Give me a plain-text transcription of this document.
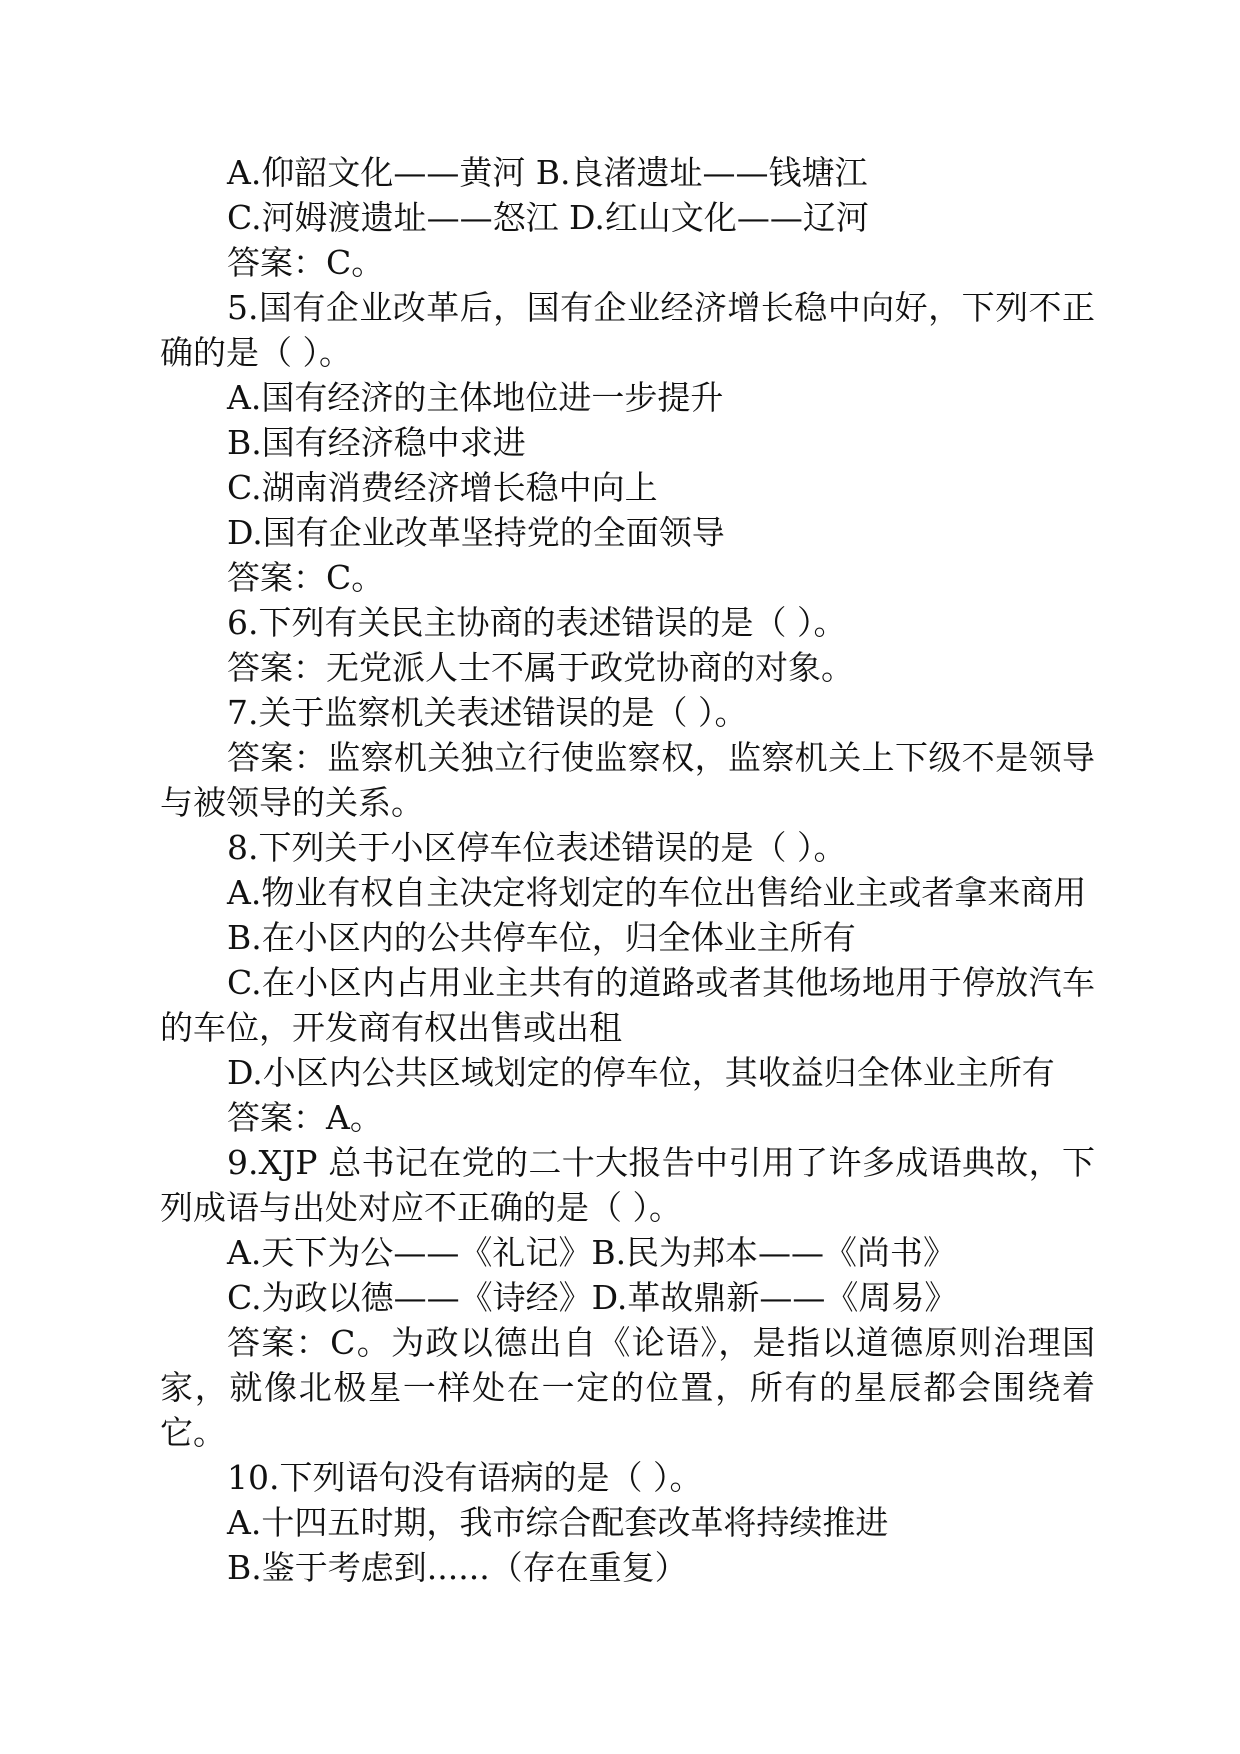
A.仰韶文化——黄河 B.良渚遗址——钱塘江

C.河姆渡遗址——怒江 D.红山文化——辽河

答案：C。

5.国有企业改革后，国有企业经济增长稳中向好，下列不正确的是（ ）。

A.国有经济的主体地位进一步提升

B.国有经济稳中求进

C.湖南消费经济增长稳中向上

D.国有企业改革坚持党的全面领导

答案：C。

6.下列有关民主协商的表述错误的是（ ）。

答案：无党派人士不属于政党协商的对象。

7.关于监察机关表述错误的是（ ）。

答案：监察机关独立行使监察权，监察机关上下级不是领导与被领导的关系。

8.下列关于小区停车位表述错误的是（ ）。

A.物业有权自主决定将划定的车位出售给业主或者拿来商用

B.在小区内的公共停车位，归全体业主所有

C.在小区内占用业主共有的道路或者其他场地用于停放汽车的车位，开发商有权出售或出租

D.小区内公共区域划定的停车位，其收益归全体业主所有

答案：A。

9.XJP 总书记在党的二十大报告中引用了许多成语典故，下列成语与出处对应不正确的是（ ）。

A.天下为公——《礼记》B.民为邦本——《尚书》

C.为政以德——《诗经》D.革故鼎新——《周易》

答案：C。为政以德出自《论语》，是指以道德原则治理国家，就像北极星一样处在一定的位置，所有的星辰都会围绕着它。

10.下列语句没有语病的是（ ）。

A.十四五时期，我市综合配套改革将持续推进

B.鉴于考虑到......（存在重复）
